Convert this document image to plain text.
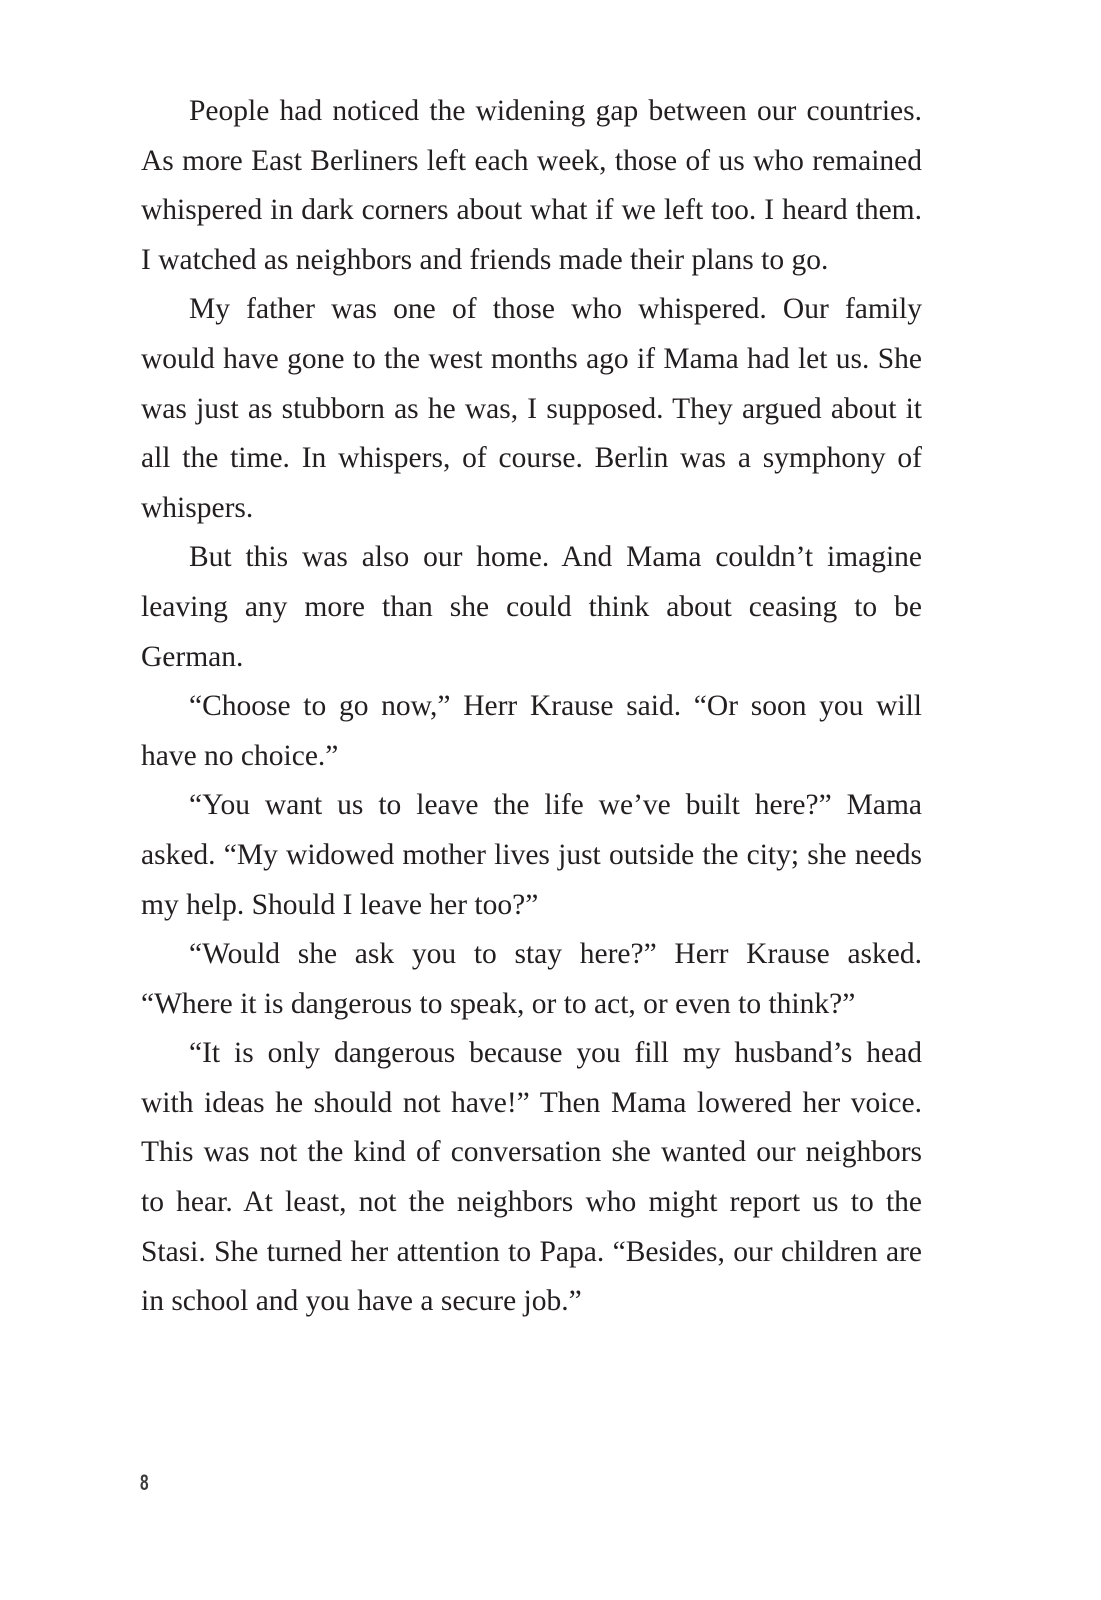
People had noticed the widening gap between our countries. As more East Berliners left each week, those of us who remained whispered in dark corners about what if we left too. I heard them. I watched as neighbors and friends made their plans to go.

My father was one of those who whispered. Our family would have gone to the west months ago if Mama had let us. She was just as stubborn as he was, I supposed. They argued about it all the time. In whispers, of course. Berlin was a symphony of whispers.

But this was also our home. And Mama couldn’t imagine leaving any more than she could think about ceasing to be German.

“Choose to go now,” Herr Krause said. “Or soon you will have no choice.”

“You want us to leave the life we’ve built here?” Mama asked. “My widowed mother lives just outside the city; she needs my help. Should I leave her too?”

“Would she ask you to stay here?” Herr Krause asked. “Where it is dangerous to speak, or to act, or even to think?”

“It is only dangerous because you fill my husband’s head with ideas he should not have!” Then Mama lowered her voice. This was not the kind of conversation she wanted our neighbors to hear. At least, not the neighbors who might report us to the Stasi. She turned her attention to Papa. “Besides, our children are in school and you have a secure job.”

8
